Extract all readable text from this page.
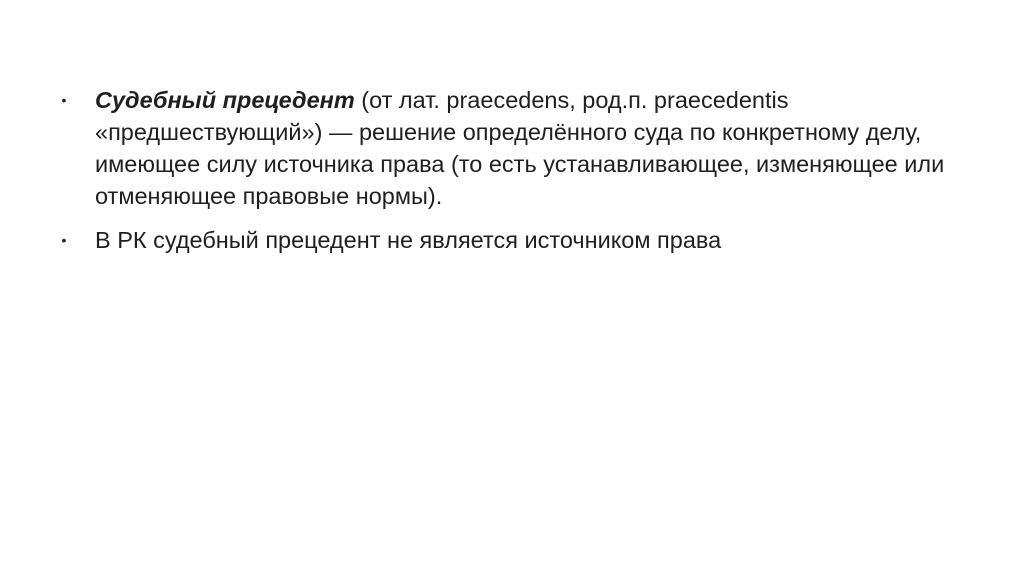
• Судебный прецедент (от лат. praecedens, род.п. praecedentis «предшествующий») — решение определённого суда по конкретному делу, имеющее силу источника права (то есть устанавливающее, изменяющее или отменяющее правовые нормы).
• В РК судебный прецедент не является источником права
